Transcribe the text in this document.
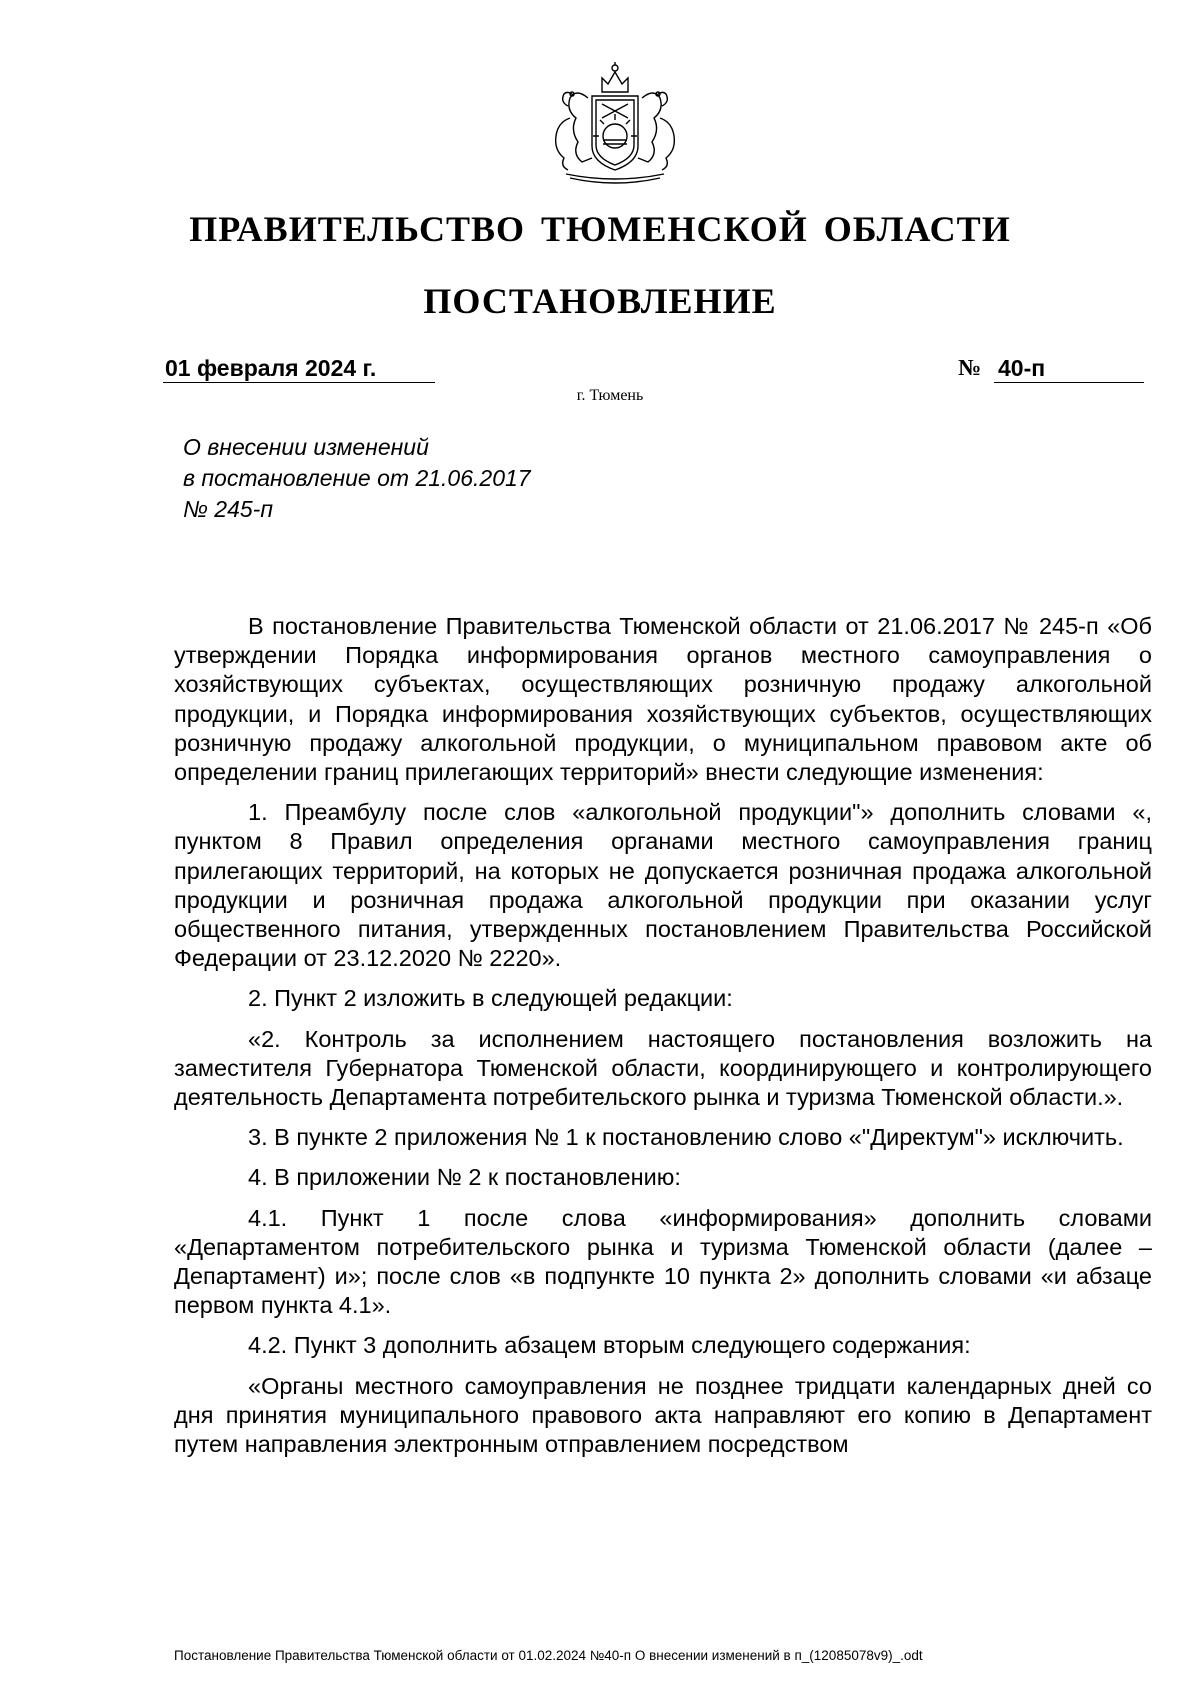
ПРАВИТЕЛЬСТВО ТЮМЕНСКОЙ ОБЛАСТИ
ПОСТАНОВЛЕНИЕ
01 февраля 2024 г.	№ 40-п
г. Тюмень
О внесении изменений
в постановление от 21.06.2017
№ 245-п

В постановление Правительства Тюменской области от 21.06.2017 № 245-п «Об утверждении Порядка информирования органов местного самоуправления о хозяйствующих субъектах, осуществляющих розничную продажу алкогольной продукции, и Порядка информирования хозяйствующих субъектов, осуществляющих розничную продажу алкогольной продукции, о муниципальном правовом акте об определении границ прилегающих территорий» внести следующие изменения:

1. Преамбулу после слов «алкогольной продукции"» дополнить словами «, пунктом 8 Правил определения органами местного самоуправления границ прилегающих территорий, на которых не допускается розничная продажа алкогольной продукции и розничная продажа алкогольной продукции при оказании услуг общественного питания, утвержденных постановлением Правительства Российской Федерации от 23.12.2020 № 2220».

2. Пункт 2 изложить в следующей редакции:

«2. Контроль за исполнением настоящего постановления возложить на заместителя Губернатора Тюменской области, координирующего и контролирующего деятельность Департамента потребительского рынка и туризма Тюменской области.».

3. В пункте 2 приложения № 1 к постановлению слово «"Директум"» исключить.

4. В приложении № 2 к постановлению:

4.1. Пункт 1 после слова «информирования» дополнить словами «Департаментом потребительского рынка и туризма Тюменской области (далее – Департамент) и»; после слов «в подпункте 10 пункта 2» дополнить словами «и абзаце первом пункта 4.1».

4.2. Пункт 3 дополнить абзацем вторым следующего содержания:

«Органы местного самоуправления не позднее тридцати календарных дней со дня принятия муниципального правового акта направляют его копию в Департамент путем направления электронным отправлением посредством

Постановление Правительства Тюменской области от 01.02.2024 №40-п О внесении изменений в п_(12085078v9)_.odt
